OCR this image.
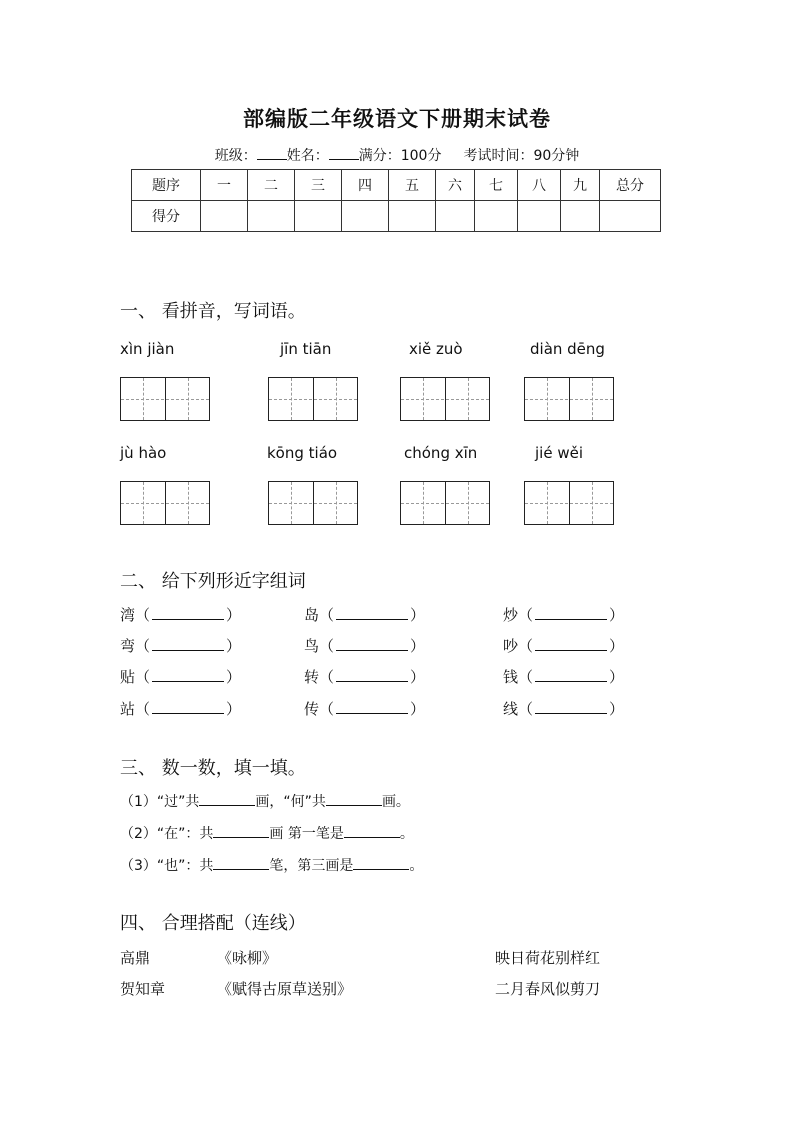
部编版二年级语文下册期末试卷
班级： 姓名： 满分：100分 考试时间：90分钟
题序	一	二	三	四	五	六	七	八	九	总分
得分										
一、 看拼音，写词语。
xìn jiàn	jīn tiān	xiě zuò	diàn dēng
jù hào	kōng tiáo	chóng xīn	jié wěi
二、 给下列形近字组词
湾（	）	岛（	）	炒（	）
弯（	）	鸟（	）	吵（	）
贴（	）	转（	）	钱（	）
站（	）	传（	）	线（	）
三、 数一数，填一填。
（1）“过”共	画，“何”共	画。
（2）“在”：共	画 第一笔是	。
（3）“也”：共	笔，第三画是	。
四、 合理搭配（连线）
高鼎	《咏柳》	映日荷花别样红
贺知章	《赋得古原草送别》	二月春风似剪刀
